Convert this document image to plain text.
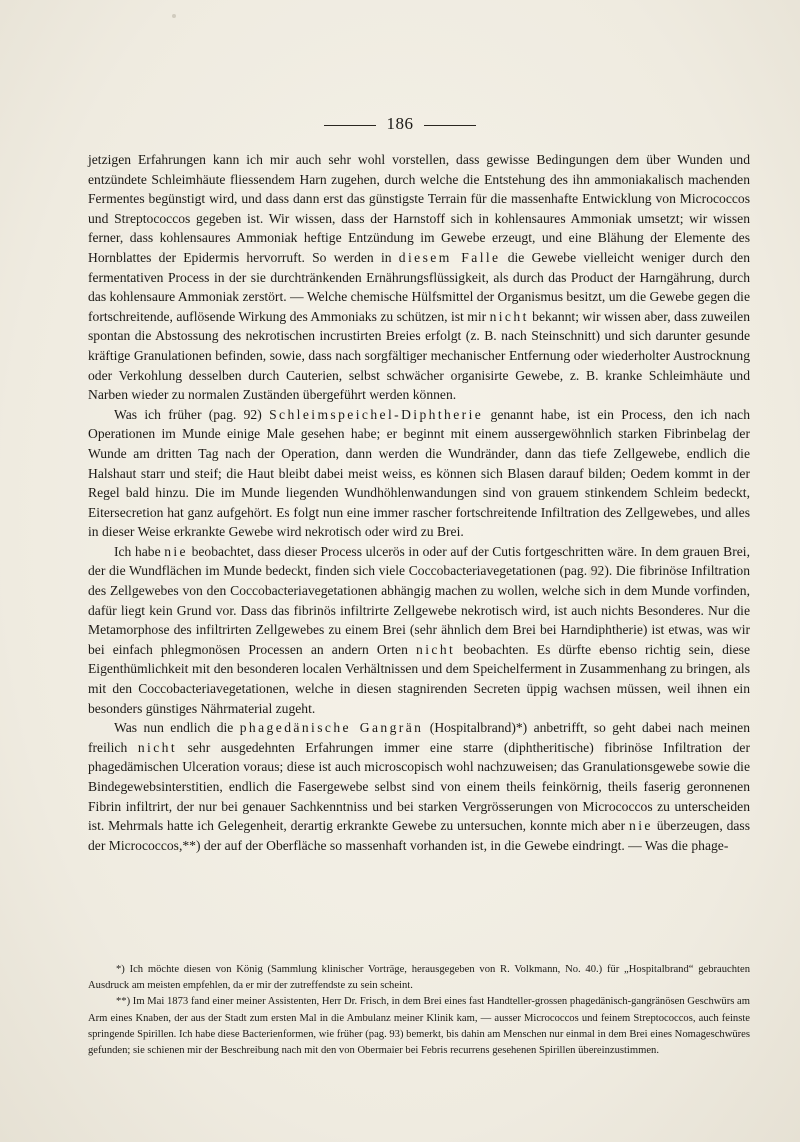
186

jetzigen Erfahrungen kann ich mir auch sehr wohl vorstellen, dass gewisse Bedingungen dem über Wunden und entzündete Schleimhäute fliessendem Harn zugehen, durch welche die Entstehung des ihn ammoniakalisch machenden Fermentes begünstigt wird, und dass dann erst das günstigste Terrain für die massenhafte Entwicklung von Micrococcos und Streptococcos gegeben ist. Wir wissen, dass der Harnstoff sich in kohlensaures Ammoniak umsetzt; wir wissen ferner, dass kohlensaures Ammoniak heftige Entzündung im Gewebe erzeugt, und eine Blähung der Elemente des Hornblattes der Epidermis hervorruft. So werden in diesem Falle die Gewebe vielleicht weniger durch den fermentativen Process in der sie durchtränkenden Ernährungsflüssigkeit, als durch das Product der Harngährung, durch das kohlensaure Ammoniak zerstört. — Welche chemische Hülfsmittel der Organismus besitzt, um die Gewebe gegen die fortschreitende, auflösende Wirkung des Ammoniaks zu schützen, ist mir nicht bekannt; wir wissen aber, dass zuweilen spontan die Abstossung des nekrotischen incrustirten Breies erfolgt (z. B. nach Steinschnitt) und sich darunter gesunde kräftige Granulationen befinden, sowie, dass nach sorgfältiger mechanischer Entfernung oder wiederholter Austrocknung oder Verkohlung desselben durch Cauterien, selbst schwächer organisirte Gewebe, z. B. kranke Schleimhäute und Narben wieder zu normalen Zuständen übergeführt werden können.

Was ich früher (pag. 92) Schleimspeichel-Diphtherie genannt habe, ist ein Process, den ich nach Operationen im Munde einige Male gesehen habe; er beginnt mit einem aussergewöhnlich starken Fibrinbelag der Wunde am dritten Tag nach der Operation, dann werden die Wundränder, dann das tiefe Zellgewebe, endlich die Halshaut starr und steif; die Haut bleibt dabei meist weiss, es können sich Blasen darauf bilden; Oedem kommt in der Regel bald hinzu. Die im Munde liegenden Wundhöhlenwandungen sind von grauem stinkendem Schleim bedeckt, Eitersecretion hat ganz aufgehört. Es folgt nun eine immer rascher fortschreitende Infiltration des Zellgewebes, und alles in dieser Weise erkrankte Gewebe wird nekrotisch oder wird zu Brei.

Ich habe nie beobachtet, dass dieser Process ulcerös in oder auf der Cutis fortgeschritten wäre. In dem grauen Brei, der die Wundflächen im Munde bedeckt, finden sich viele Coccobacteriavegetationen (pag. 92). Die fibrinöse Infiltration des Zellgewebes von den Coccobacteriavegetationen abhängig machen zu wollen, welche sich in dem Munde vorfinden, dafür liegt kein Grund vor. Dass das fibrinös infiltrirte Zellgewebe nekrotisch wird, ist auch nichts Besonderes. Nur die Metamorphose des infiltrirten Zellgewebes zu einem Brei (sehr ähnlich dem Brei bei Harndiphtherie) ist etwas, was wir bei einfach phlegmonösen Processen an andern Orten nicht beobachten. Es dürfte ebenso richtig sein, diese Eigenthümlichkeit mit den besonderen localen Verhältnissen und dem Speichelferment in Zusammenhang zu bringen, als mit den Coccobacteriavegetationen, welche in diesen stagnirenden Secreten üppig wachsen müssen, weil ihnen ein besonders günstiges Nährmaterial zugeht.

Was nun endlich die phagedänische Gangrän (Hospitalbrand)*) anbetrifft, so geht dabei nach meinen freilich nicht sehr ausgedehnten Erfahrungen immer eine starre (diphtheritische) fibrinöse Infiltration der phagedämischen Ulceration voraus; diese ist auch microscopisch wohl nachzuweisen; das Granulationsgewebe sowie die Bindegewebsinterstitien, endlich die Fasergewebe selbst sind von einem theils feinkörnig, theils faserig geronnenen Fibrin infiltrirt, der nur bei genauer Sachkenntniss und bei starken Vergrösserungen von Micrococcos zu unterscheiden ist. Mehrmals hatte ich Gelegenheit, derartig erkrankte Gewebe zu untersuchen, konnte mich aber nie überzeugen, dass der Micrococcos,**) der auf der Oberfläche so massenhaft vorhanden ist, in die Gewebe eindringt. — Was die phage-

*) Ich möchte diesen von König (Sammlung klinischer Vorträge, herausgegeben von R. Volkmann, No. 40.) für „Hospitalbrand“ gebrauchten Ausdruck am meisten empfehlen, da er mir der zutreffendste zu sein scheint.

**) Im Mai 1873 fand einer meiner Assistenten, Herr Dr. Frisch, in dem Brei eines fast Handteller-grossen phagedänisch-gangränösen Geschwürs am Arm eines Knaben, der aus der Stadt zum ersten Mal in die Ambulanz meiner Klinik kam, — ausser Micrococcos und feinem Streptococcos, auch feinste springende Spirillen. Ich habe diese Bacterienformen, wie früher (pag. 93) bemerkt, bis dahin am Menschen nur einmal in dem Brei eines Nomageschwüres gefunden; sie schienen mir der Beschreibung nach mit den von Obermaier bei Febris recurrens gesehenen Spirillen übereinzustimmen.
